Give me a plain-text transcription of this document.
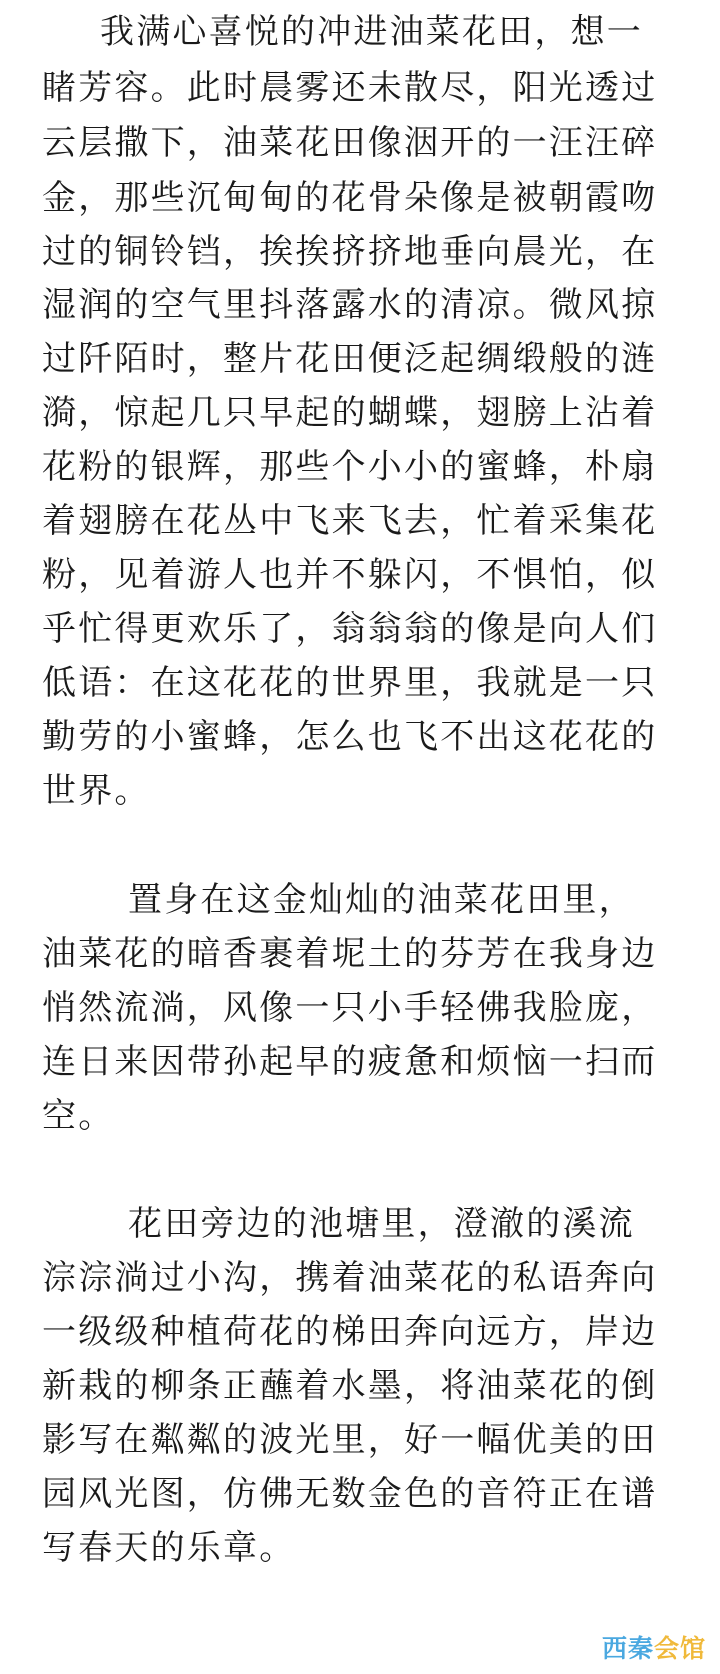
我满心喜悦的冲进油菜花田，想一
睹芳容。此时晨雾还未散尽，阳光透过
云层撒下，油菜花田像洇开的一汪汪碎
金，那些沉甸甸的花骨朵像是被朝霞吻
过的铜铃铛，挨挨挤挤地垂向晨光，在
湿润的空气里抖落露水的清凉。微风掠
过阡陌时，整片花田便泛起绸缎般的涟
漪，惊起几只早起的蝴蝶，翅膀上沾着
花粉的银辉，那些个小小的蜜蜂，朴扇
着翅膀在花丛中飞来飞去，忙着采集花
粉，见着游人也并不躲闪，不惧怕，似
乎忙得更欢乐了，翁翁翁的像是向人们
低语：在这花花的世界里，我就是一只
勤劳的小蜜蜂，怎么也飞不出这花花的
世界。
置身在这金灿灿的油菜花田里，
油菜花的暗香裹着坭土的芬芳在我身边
悄然流淌，风像一只小手轻佛我脸庞，
连日来因带孙起早的疲惫和烦恼一扫而
空。
花田旁边的池塘里，澄澈的溪流
淙淙淌过小沟，携着油菜花的私语奔向
一级级种植荷花的梯田奔向远方，岸边
新栽的柳条正蘸着水墨，将油菜花的倒
影写在粼粼的波光里，好一幅优美的田
园风光图，仿佛无数金色的音符正在谱
写春天的乐章。
西秦会馆
